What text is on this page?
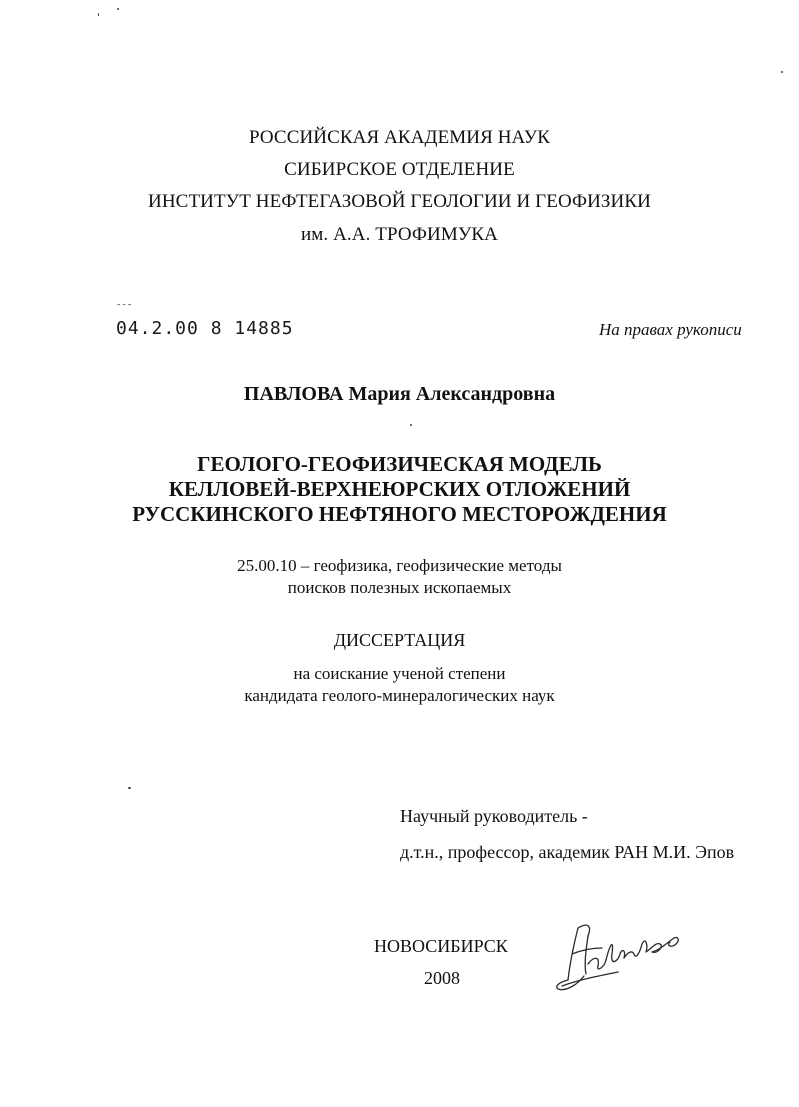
РОССИЙСКАЯ АКАДЕМИЯ НАУК
СИБИРСКОЕ ОТДЕЛЕНИЕ
ИНСТИТУТ НЕФТЕГАЗОВОЙ ГЕОЛОГИИ И ГЕОФИЗИКИ
им. А.А. ТРОФИМУКА
˜˜˜
04.2.00 8 14885	На правах рукописи
ПАВЛОВА Мария Александровна
ГЕОЛОГО-ГЕОФИЗИЧЕСКАЯ МОДЕЛЬ
КЕЛЛОВЕЙ-ВЕРХНЕЮРСКИХ ОТЛОЖЕНИЙ
РУССКИНСКОГО НЕФТЯНОГО МЕСТОРОЖДЕНИЯ
25.00.10 – геофизика, геофизические методы
поисков полезных ископаемых
ДИССЕРТАЦИЯ
на соискание ученой степени
кандидата геолого-минералогических наук
Научный руководитель -
д.т.н., профессор, академик РАН М.И. Эпов
НОВОСИБИРСК
2008
